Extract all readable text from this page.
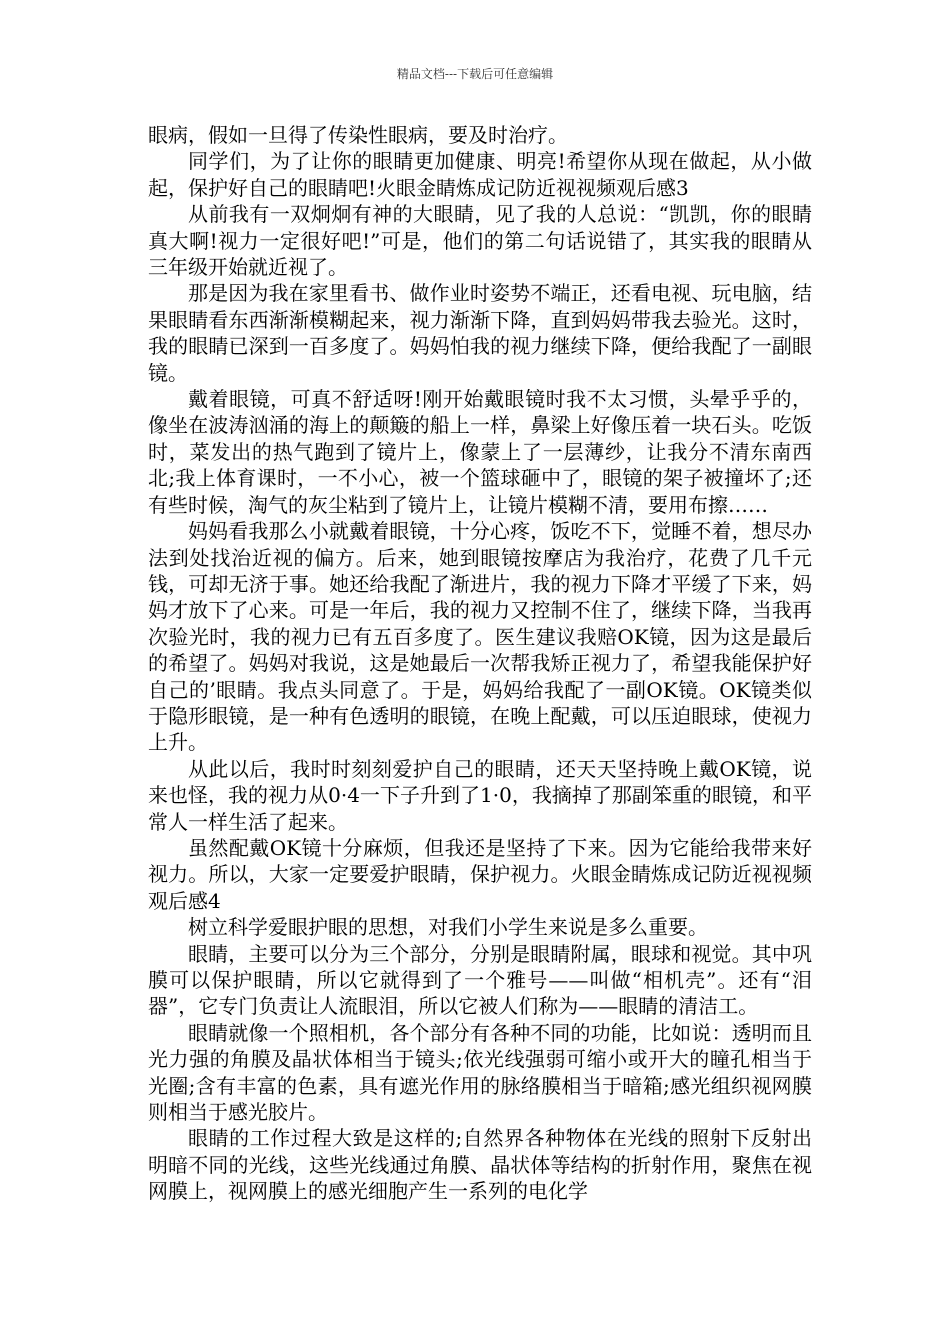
精品文档---下载后可任意编辑

眼病，假如一旦得了传染性眼病，要及时治疗。

同学们，为了让你的眼睛更加健康、明亮!希望你从现在做起，从小做起，保护好自己的眼睛吧!火眼金睛炼成记防近视视频观后感3

从前我有一双炯炯有神的大眼睛，见了我的人总说：“凯凯，你的眼睛真大啊!视力一定很好吧!”可是，他们的第二句话说错了，其实我的眼睛从三年级开始就近视了。

那是因为我在家里看书、做作业时姿势不端正，还看电视、玩电脑，结果眼睛看东西渐渐模糊起来，视力渐渐下降，直到妈妈带我去验光。这时，我的眼睛已深到一百多度了。妈妈怕我的视力继续下降，便给我配了一副眼镜。

戴着眼镜，可真不舒适呀!刚开始戴眼镜时我不太习惯，头晕乎乎的，像坐在波涛汹涌的海上的颠簸的船上一样，鼻梁上好像压着一块石头。吃饭时，菜发出的热气跑到了镜片上，像蒙上了一层薄纱，让我分不清东南西北;我上体育课时，一不小心，被一个篮球砸中了，眼镜的架子被撞坏了;还有些时候，淘气的灰尘粘到了镜片上，让镜片模糊不清，要用布擦……

妈妈看我那么小就戴着眼镜，十分心疼，饭吃不下，觉睡不着，想尽办法到处找治近视的偏方。后来，她到眼镜按摩店为我治疗，花费了几千元钱，可却无济于事。她还给我配了渐进片，我的视力下降才平缓了下来，妈妈才放下了心来。可是一年后，我的视力又控制不住了，继续下降，当我再次验光时，我的视力已有五百多度了。医生建议我赔OK镜，因为这是最后的希望了。妈妈对我说，这是她最后一次帮我矫正视力了，希望我能保护好自己的’眼睛。我点头同意了。于是，妈妈给我配了一副OK镜。OK镜类似于隐形眼镜，是一种有色透明的眼镜，在晚上配戴，可以压迫眼球，使视力上升。

从此以后，我时时刻刻爱护自己的眼睛，还天天坚持晚上戴OK镜，说来也怪，我的视力从0·4一下子升到了1·0，我摘掉了那副笨重的眼镜，和平常人一样生活了起来。

虽然配戴OK镜十分麻烦，但我还是坚持了下来。因为它能给我带来好视力。所以，大家一定要爱护眼睛，保护视力。火眼金睛炼成记防近视视频观后感4

树立科学爱眼护眼的思想，对我们小学生来说是多么重要。

眼睛，主要可以分为三个部分，分别是眼睛附属，眼球和视觉。其中巩膜可以保护眼睛，所以它就得到了一个雅号——叫做“相机壳”。还有“泪器”，它专门负责让人流眼泪，所以它被人们称为——眼睛的清洁工。

眼睛就像一个照相机，各个部分有各种不同的功能，比如说：透明而且光力强的角膜及晶状体相当于镜头;依光线强弱可缩小或开大的瞳孔相当于光圈;含有丰富的色素，具有遮光作用的脉络膜相当于暗箱;感光组织视网膜则相当于感光胶片。

眼睛的工作过程大致是这样的;自然界各种物体在光线的照射下反射出明暗不同的光线，这些光线通过角膜、晶状体等结构的折射作用，聚焦在视网膜上，视网膜上的感光细胞产生一系列的电化学
